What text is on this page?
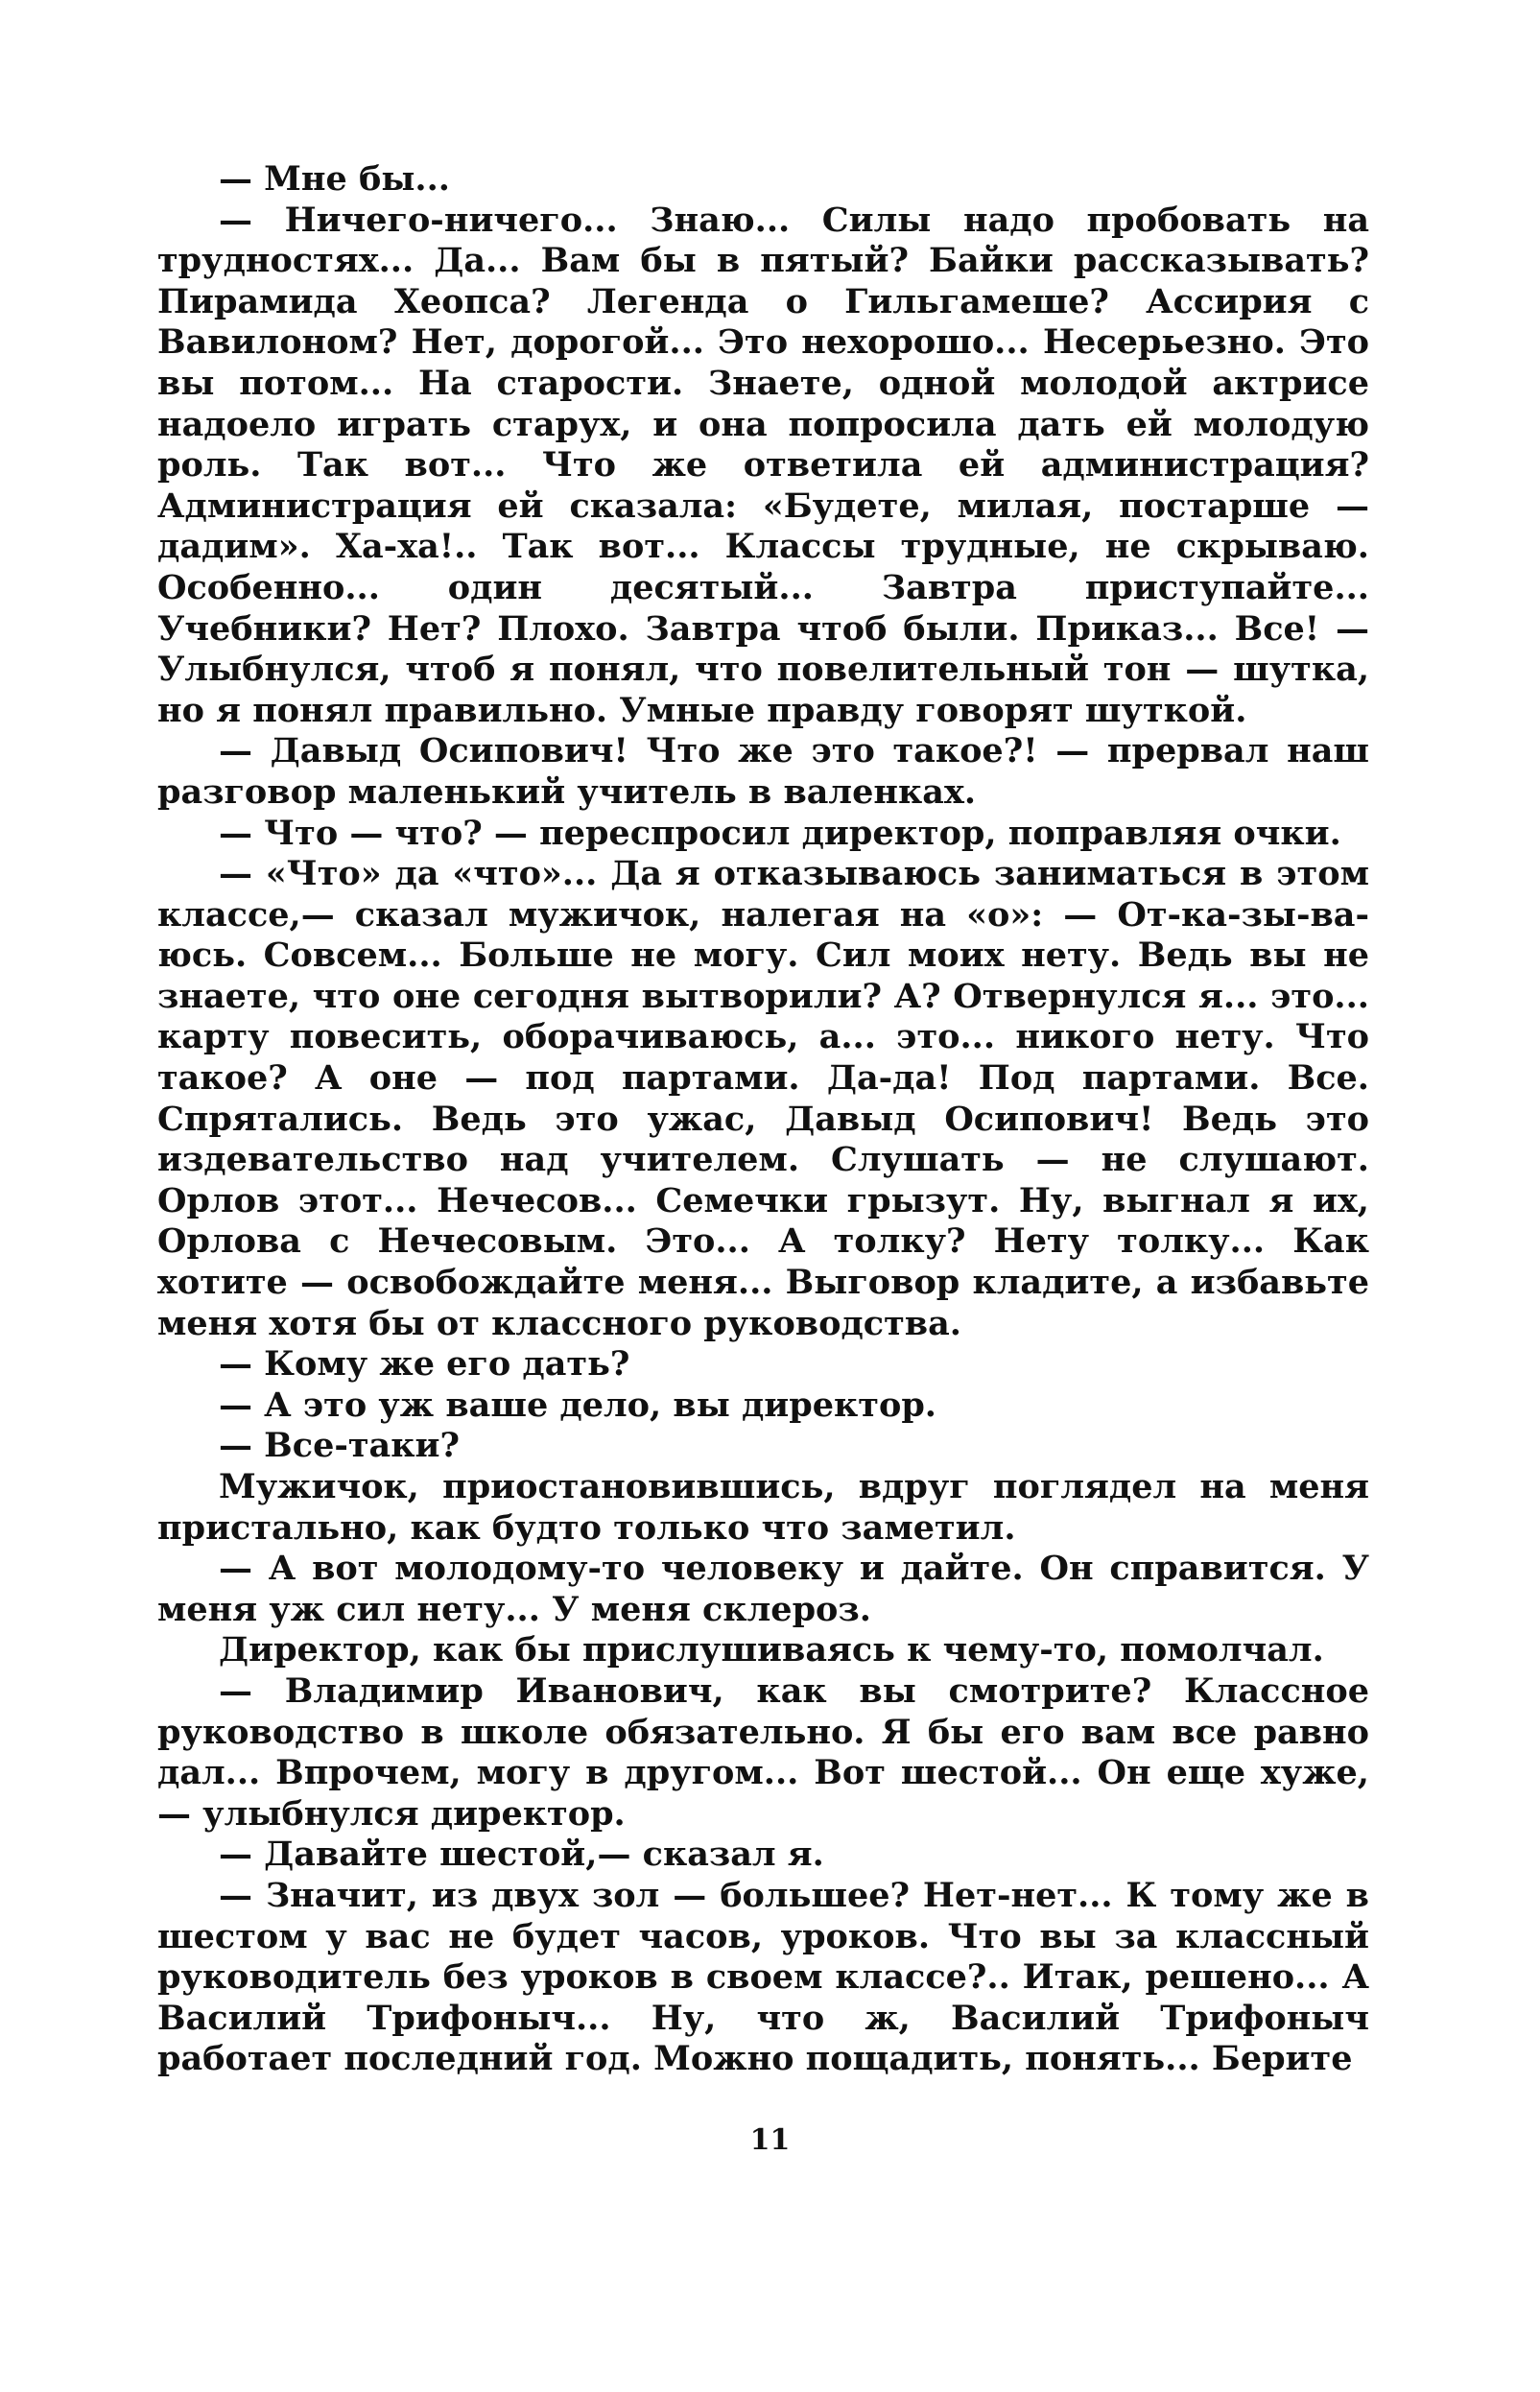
— Мне бы...

— Ничего-ничего... Знаю... Силы надо пробовать на трудностях... Да... Вам бы в пятый? Байки рассказывать? Пирамида Хеопса? Легенда о Гильгамеше? Ассирия с Вавилоном? Нет, дорогой... Это нехорошо... Несерьезно. Это вы потом... На старости. Знаете, одной молодой актрисе надоело играть старух, и она попросила дать ей молодую роль. Так вот... Что же ответила ей администрация? Администрация ей сказала: «Будете, милая, постарше — дадим». Ха-ха!.. Так вот... Классы трудные, не скрываю. Особенно... один десятый... Завтра приступайте... Учебники? Нет? Плохо. Завтра чтоб были. Приказ... Все! — Улыбнулся, чтоб я понял, что повелительный тон — шутка, но я понял правильно. Умные правду говорят шуткой.

— Давыд Осипович! Что же это такое?! — прервал наш разговор маленький учитель в валенках.

— Что — что? — переспросил директор, поправляя очки.

— «Что» да «что»... Да я отказываюсь заниматься в этом классе,— сказал мужичок, налегая на «о»: — От-ка-зы-ва-юсь. Совсем... Больше не могу. Сил моих нету. Ведь вы не знаете, что оне сегодня вытворили? А? Отвернулся я... это... карту повесить, оборачиваюсь, а... это... никого нету. Что такое? А оне — под партами. Да-да! Под партами. Все. Спрятались. Ведь это ужас, Давыд Осипович! Ведь это издевательство над учителем. Слушать — не слушают. Орлов этот... Нечесов... Семечки грызут. Ну, выгнал я их, Орлова с Нечесовым. Это... А толку? Нету толку... Как хотите — освобождайте меня... Выговор кладите, а избавьте меня хотя бы от классного руководства.

— Кому же его дать?

— А это уж ваше дело, вы директор.

— Все-таки?

Мужичок, приостановившись, вдруг поглядел на меня пристально, как будто только что заметил.

— А вот молодому-то человеку и дайте. Он справится. У меня уж сил нету... У меня склероз.

Директор, как бы прислушиваясь к чему-то, помолчал.

— Владимир Иванович, как вы смотрите? Классное руководство в школе обязательно. Я бы его вам все равно дал... Впрочем, могу в другом... Вот шестой... Он еще хуже,— улыбнулся директор.

— Давайте шестой,— сказал я.

— Значит, из двух зол — большее? Нет-нет... К тому же в шестом у вас не будет часов, уроков. Что вы за классный руководитель без уроков в своем классе?.. Итак, решено... А Василий Трифоныч... Ну, что ж, Василий Трифоныч работает последний год. Можно пощадить, понять... Берите

11
